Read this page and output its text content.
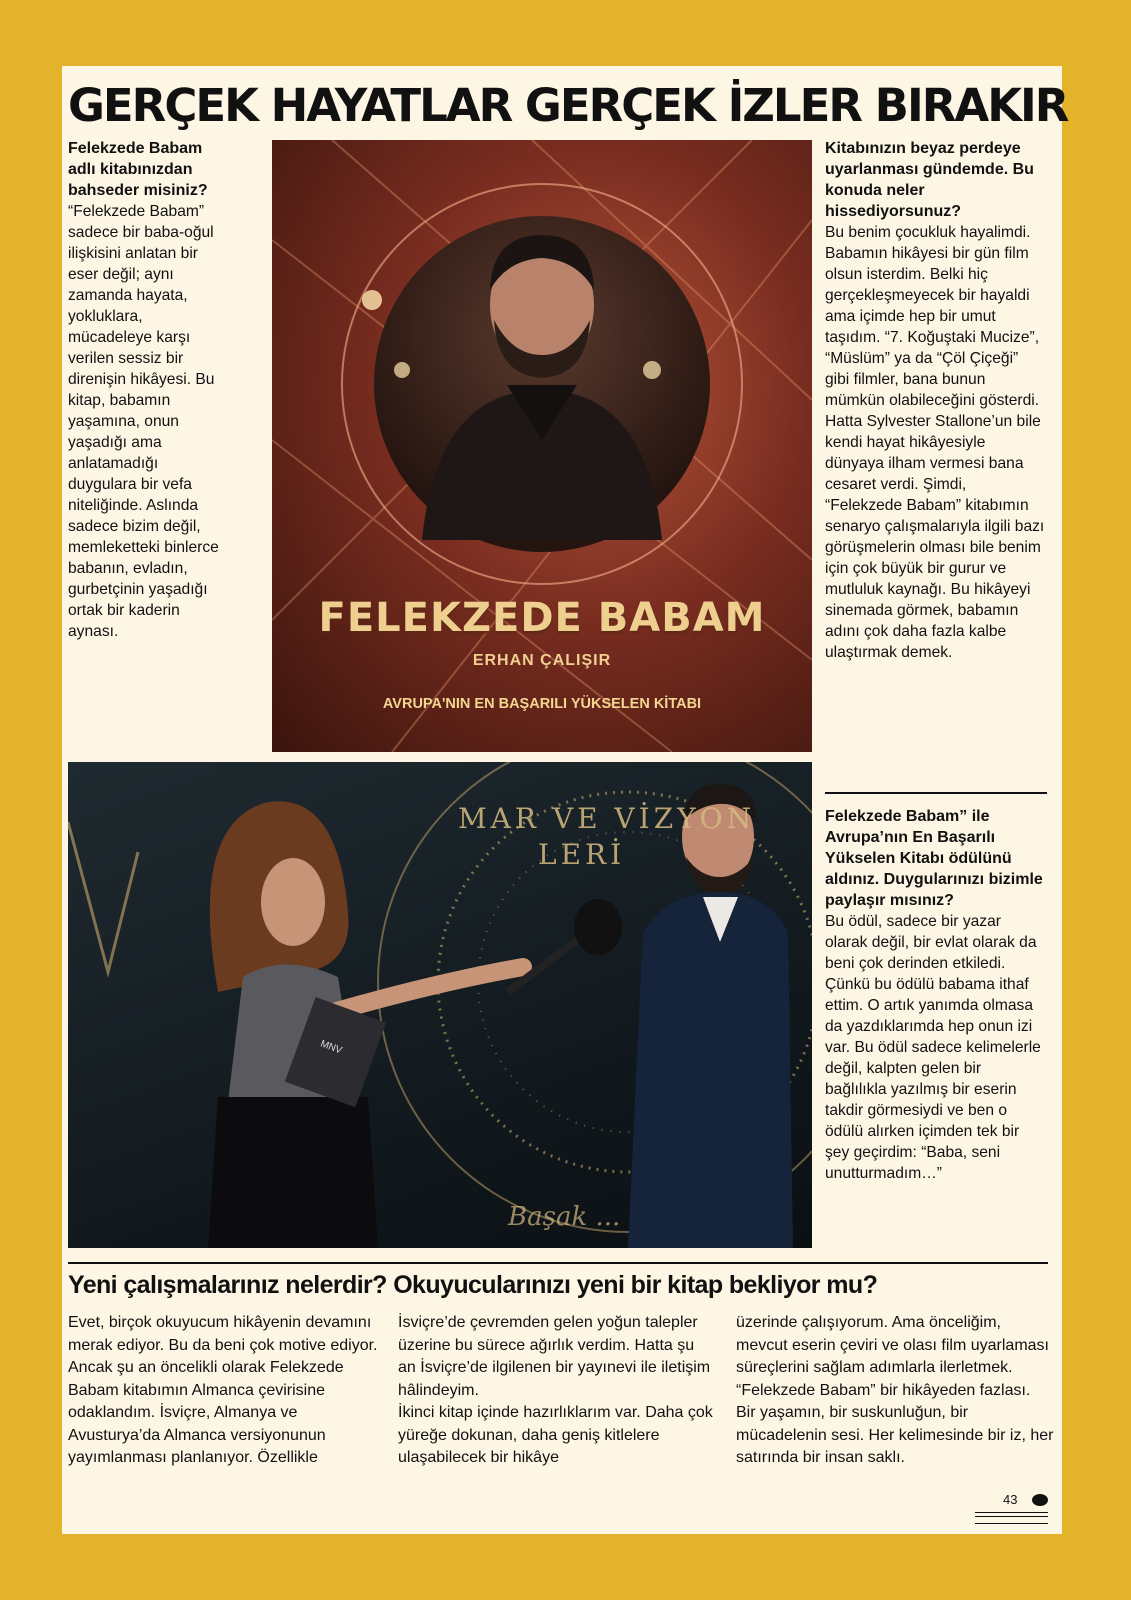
GERÇEK HAYATLAR GERÇEK İZLER BIRAKIR

Felekzede Babam adlı kitabınızdan bahseder misiniz?

“Felekzede Babam” sadece bir baba-oğul ilişkisini anlatan bir eser değil; aynı zamanda hayata, yokluklara, mücadeleye karşı verilen sessiz bir direnişin hikâyesi. Bu kitap, babamın yaşamına, onun yaşadığı ama anlatamadığı duygulara bir vefa niteliğinde. Aslında sadece bizim değil, memleketteki binlerce babanın, evladın, gurbetçinin yaşadığı ortak bir kaderin aynası.	FELEKZEDE BABAM
ERHAN ÇALIŞIR
AVRUPA'NIN EN BAŞARILI YÜKSELEN KİTABI
MAR VE VİZYON
LERİ
Başak ...
MNV

Kitabınızın beyaz perdeye uyarlanması gündemde. Bu konuda neler hissediyorsunuz?

Bu benim çocukluk hayalimdi. Babamın hikâyesi bir gün film olsun isterdim. Belki hiç gerçekleşmeyecek bir hayaldi ama içimde hep bir umut taşıdım. “7. Koğuştaki Mucize”, “Müslüm” ya da “Çöl Çiçeği” gibi filmler, bana bunun mümkün olabileceğini gösterdi. Hatta Sylvester Stallone’un bile kendi hayat hikâyesiyle dünyaya ilham vermesi bana cesaret verdi. Şimdi, “Felekzede Babam” kitabımın senaryo çalışmalarıyla ilgili bazı görüşmelerin olması bile benim için çok büyük bir gurur ve mutluluk kaynağı. Bu hikâyeyi sinemada görmek, babamın adını çok daha fazla kalbe ulaştırmak demek.

Felekzede Babam” ile Avrupa’nın En Başarılı Yükselen Kitabı ödülünü aldınız. Duygularınızı bizimle paylaşır mısınız?

Bu ödül, sadece bir yazar olarak değil, bir evlat olarak da beni çok derinden etkiledi. Çünkü bu ödülü babama ithaf ettim. O artık yanımda olmasa da yazdıklarımda hep onun izi var. Bu ödül sadece kelimelerle değil, kalpten gelen bir bağlılıkla yazılmış bir eserin takdir görmesiydi ve ben o ödülü alırken içimden tek bir şey geçirdim: “Baba, seni unutturmadım…”

Yeni çalışmalarınız nelerdir? Okuyucularınızı yeni bir kitap bekliyor mu?

Evet, birçok okuyucum hikâyenin devamını merak ediyor. Bu da beni çok motive ediyor. Ancak şu an öncelikli olarak Felekzede Babam kitabımın Almanca çevirisine odaklandım. İsviçre, Almanya ve Avusturya’da Almanca versiyonunun yayımlanması planlanıyor. Özellikle

İsviçre’de çevremden gelen yoğun talepler üzerine bu sürece ağırlık verdim. Hatta şu an İsviçre’de ilgilenen bir yayınevi ile iletişim hâlindeyim.

İkinci kitap içinde hazırlıklarım var. Daha çok yüreğe dokunan, daha geniş kitlelere ulaşabilecek bir hikâye

üzerinde çalışıyorum. Ama önceliğim, mevcut eserin çeviri ve olası film uyarlaması süreçlerini sağlam adımlarla ilerletmek. “Felekzede Babam” bir hikâyeden fazlası. Bir yaşamın, bir suskunluğun, bir mücadelenin sesi. Her kelimesinde bir iz, her satırında bir insan saklı.

43
